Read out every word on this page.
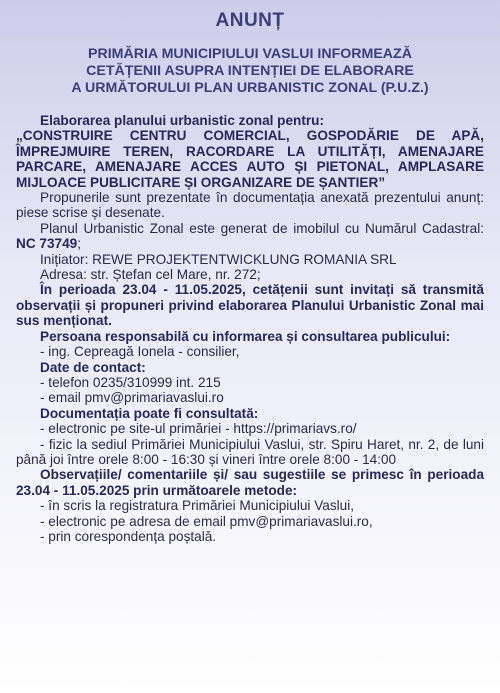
ANUNȚ
PRIMĂRIA MUNICIPIULUI VASLUI INFORMEAZĂ
CETĂȚENII ASUPRA INTENȚIEI DE ELABORARE
A URMĂTORULUI PLAN URBANISTIC ZONAL (P.U.Z.)

Elaborarea planului urbanistic zonal pentru:

„CONSTRUIRE CENTRU COMERCIAL, GOSPODĂRIE DE APĂ, ÎMPREJMUIRE TEREN, RACORDARE LA UTILITĂȚI, AMENAJARE PARCARE, AMENAJARE ACCES AUTO ȘI PIETONAL, AMPLASARE MIJLOACE PUBLICITARE ȘI ORGANIZARE DE ȘANTIER”

Propunerile sunt prezentate în documentația anexată prezentului anunț: piese scrise și desenate.

Planul Urbanistic Zonal este generat de imobilul cu Numărul Cadastral: NC 73749;

Inițiator: REWE PROJEKTENTWICKLUNG ROMANIA SRL

Adresa: str. Ștefan cel Mare, nr. 272;

În perioada 23.04 - 11.05.2025, cetățenii sunt invitați să transmită observații și propuneri privind elaborarea Planului Urbanistic Zonal mai sus menționat.

Persoana responsabilă cu informarea și consultarea publicului:

- ing. Cepreagă Ionela - consilier,

Date de contact:

- telefon 0235/310999 int. 215

- email pmv@primariavaslui.ro

Documentația poate fi consultată:

- electronic pe site-ul primăriei - https://primariavs.ro/

- fizic la sediul Primăriei Municipiului Vaslui, str. Spiru Haret, nr. 2, de luni până joi între orele 8:00 - 16:30 și vineri între orele 8:00 - 14:00

Observațiile/ comentariile și/ sau sugestiile se primesc în perioada 23.04 - 11.05.2025 prin următoarele metode:

- în scris la registratura Primăriei Municipiului Vaslui,

- electronic pe adresa de email pmv@primariavaslui.ro,

- prin corespondența poștală.
